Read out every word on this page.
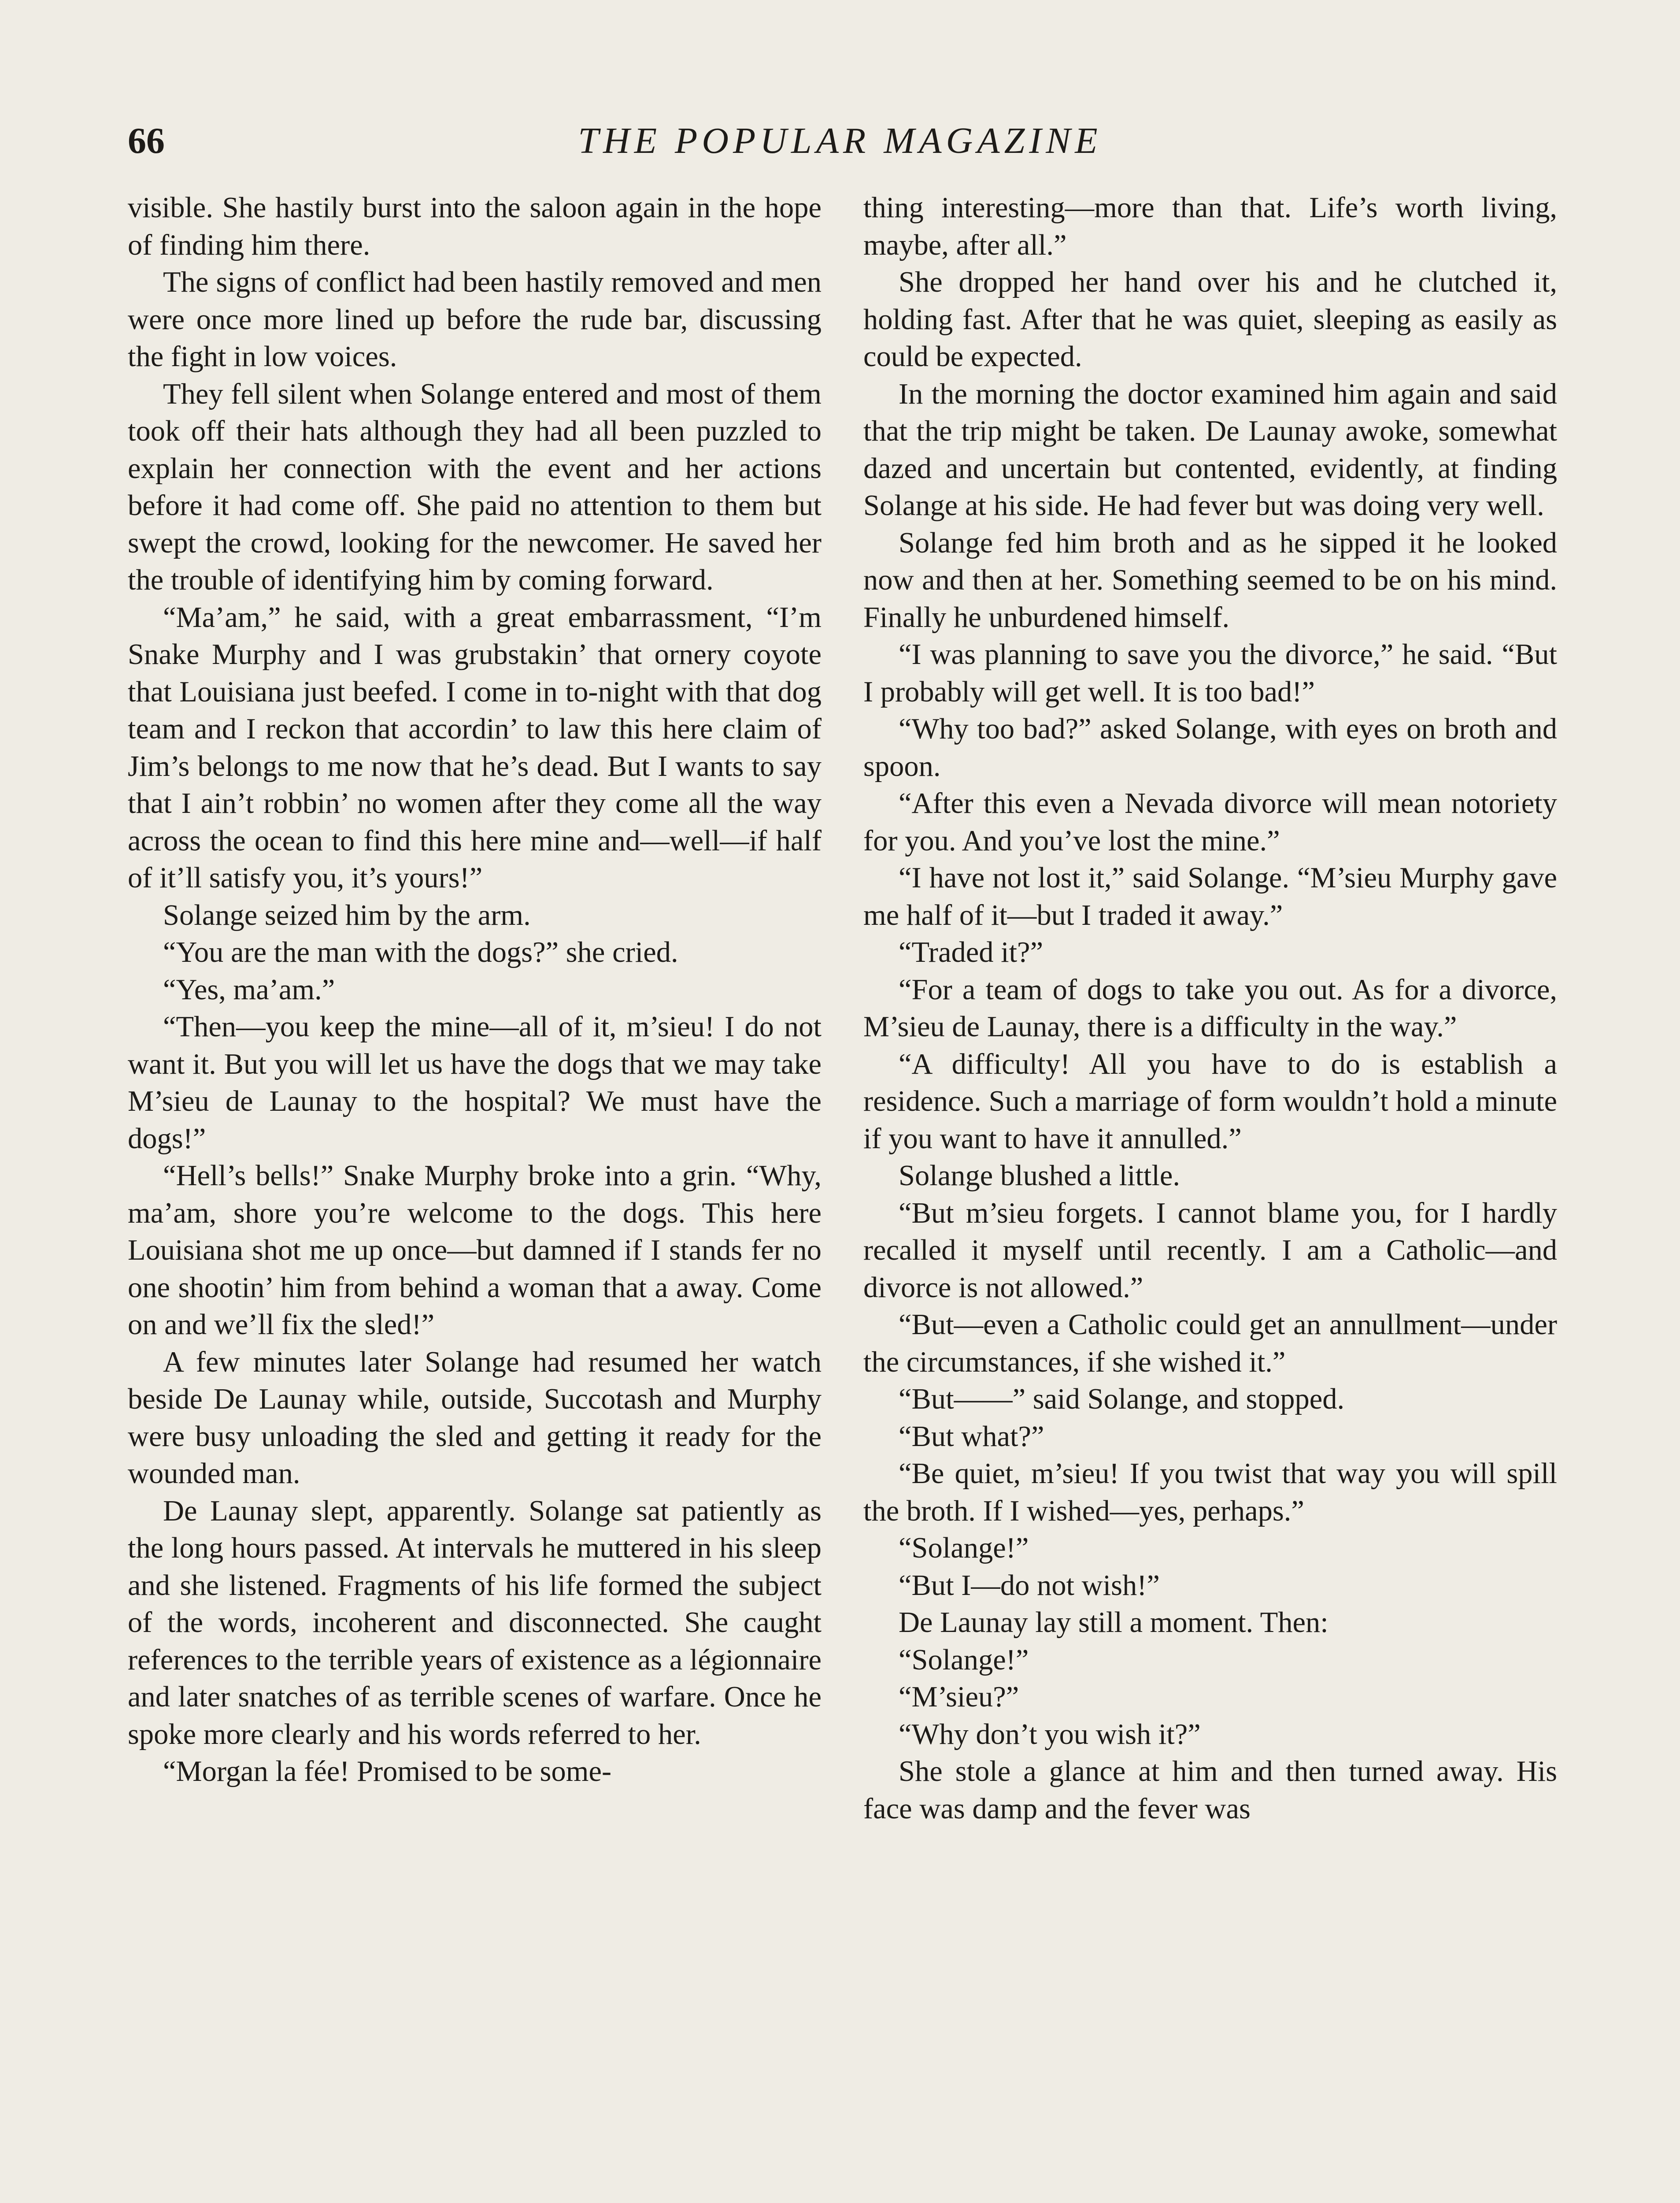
66	THE POPULAR MAGAZINE

visible. She hastily burst into the saloon again in the hope of finding him there.

The signs of conflict had been hastily removed and men were once more lined up before the rude bar, discussing the fight in low voices.

They fell silent when Solange entered and most of them took off their hats although they had all been puzzled to explain her connection with the event and her actions before it had come off. She paid no attention to them but swept the crowd, looking for the newcomer. He saved her the trouble of identifying him by coming forward.

“Ma’am,” he said, with a great embarrassment, “I’m Snake Murphy and I was grubstakin’ that ornery coyote that Louisiana just beefed. I come in to-night with that dog team and I reckon that accordin’ to law this here claim of Jim’s belongs to me now that he’s dead. But I wants to say that I ain’t robbin’ no women after they come all the way across the ocean to find this here mine and—well—if half of it’ll satisfy you, it’s yours!”

Solange seized him by the arm.

“You are the man with the dogs?” she cried.

“Yes, ma’am.”

“Then—you keep the mine—all of it, m’sieu! I do not want it. But you will let us have the dogs that we may take M’sieu de Launay to the hospital? We must have the dogs!”

“Hell’s bells!” Snake Murphy broke into a grin. “Why, ma’am, shore you’re welcome to the dogs. This here Louisiana shot me up once—but damned if I stands fer no one shootin’ him from behind a woman that a away. Come on and we’ll fix the sled!”

A few minutes later Solange had resumed her watch beside De Launay while, outside, Succotash and Murphy were busy unloading the sled and getting it ready for the wounded man.

De Launay slept, apparently. Solange sat patiently as the long hours passed. At intervals he muttered in his sleep and she listened. Fragments of his life formed the subject of the words, incoherent and disconnected. She caught references to the terrible years of existence as a légionnaire and later snatches of as terrible scenes of warfare. Once he spoke more clearly and his words referred to her.

“Morgan la fée! Promised to be some-

thing interesting—more than that. Life’s worth living, maybe, after all.”

She dropped her hand over his and he clutched it, holding fast. After that he was quiet, sleeping as easily as could be expected.

In the morning the doctor examined him again and said that the trip might be taken. De Launay awoke, somewhat dazed and uncertain but contented, evidently, at finding Solange at his side. He had fever but was doing very well.

Solange fed him broth and as he sipped it he looked now and then at her. Something seemed to be on his mind. Finally he unburdened himself.

“I was planning to save you the divorce,” he said. “But I probably will get well. It is too bad!”

“Why too bad?” asked Solange, with eyes on broth and spoon.

“After this even a Nevada divorce will mean notoriety for you. And you’ve lost the mine.”

“I have not lost it,” said Solange. “M’sieu Murphy gave me half of it—but I traded it away.”

“Traded it?”

“For a team of dogs to take you out. As for a divorce, M’sieu de Launay, there is a difficulty in the way.”

“A difficulty! All you have to do is establish a residence. Such a marriage of form wouldn’t hold a minute if you want to have it annulled.”

Solange blushed a little.

“But m’sieu forgets. I cannot blame you, for I hardly recalled it myself until recently. I am a Catholic—and divorce is not allowed.”

“But—even a Catholic could get an annullment—under the circumstances, if she wished it.”

“But——” said Solange, and stopped.

“But what?”

“Be quiet, m’sieu! If you twist that way you will spill the broth. If I wished—yes, perhaps.”

“Solange!”

“But I—do not wish!”

De Launay lay still a moment. Then:

“Solange!”

“M’sieu?”

“Why don’t you wish it?”

She stole a glance at him and then turned away. His face was damp and the fever was
